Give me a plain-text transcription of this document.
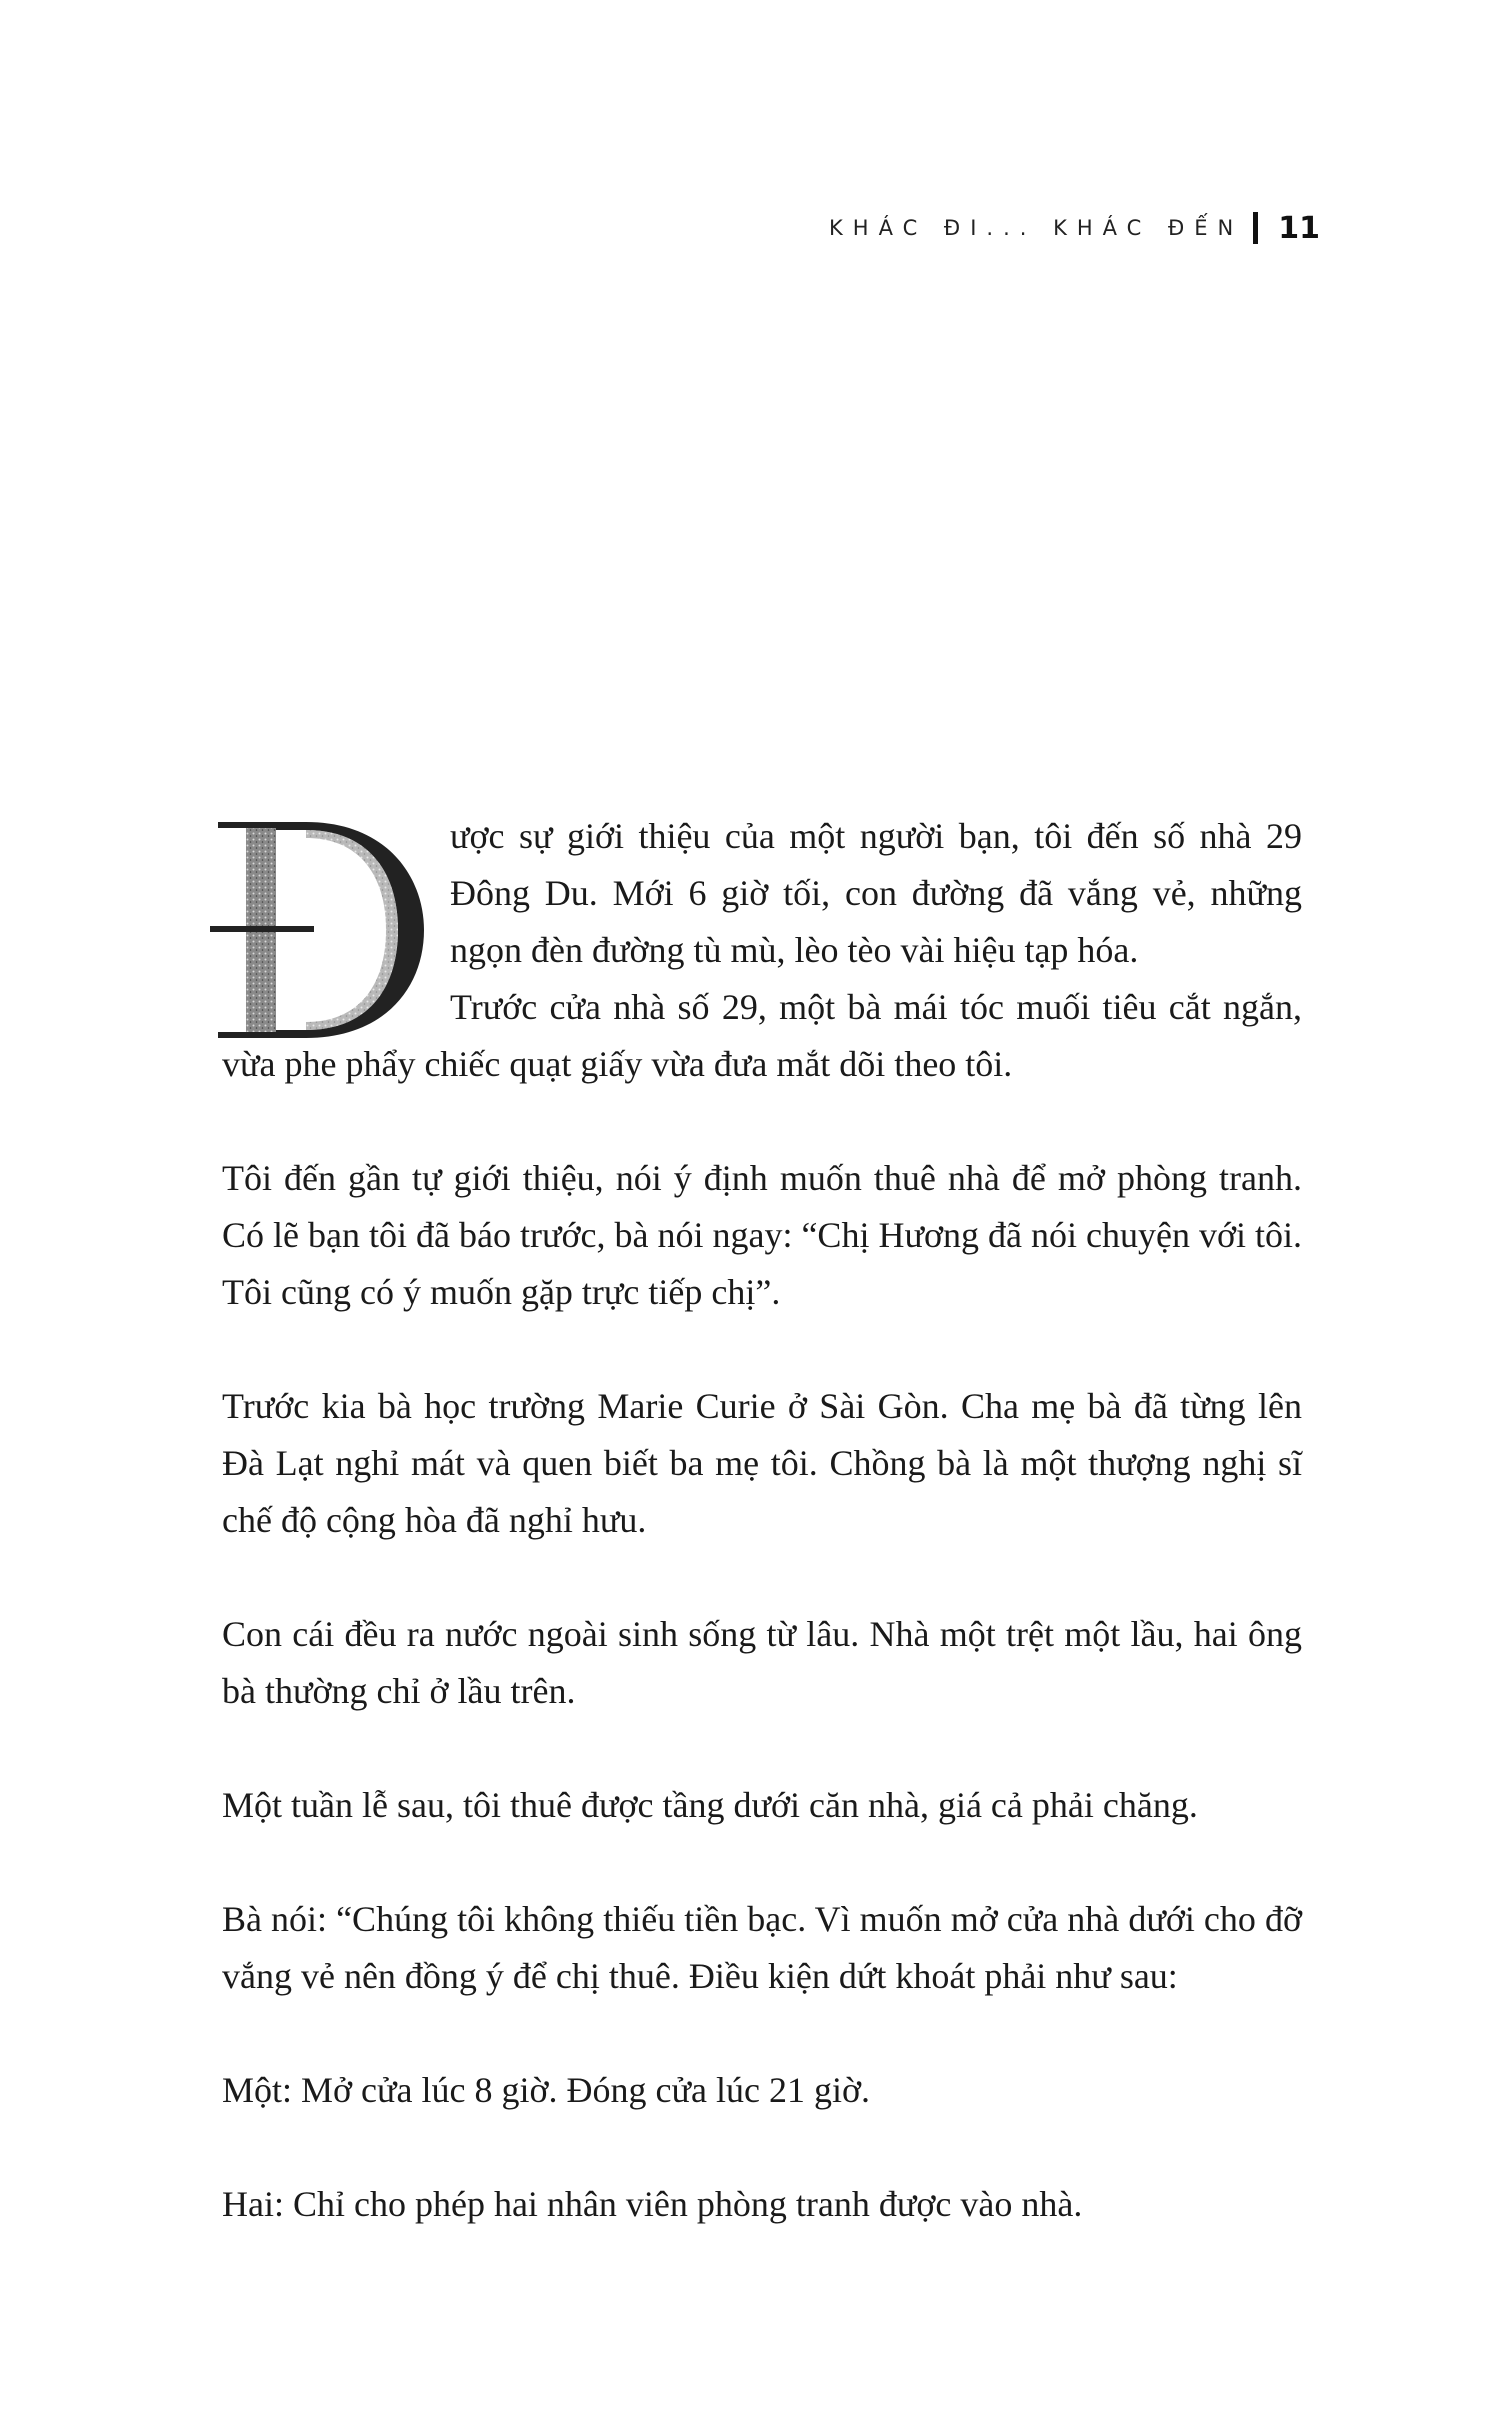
KHÁC ĐI... KHÁC ĐẾN 11
Đ

ược sự giới thiệu của một người bạn, tôi đến số nhà 29 Đông Du. Mới 6 giờ tối, con đường đã vắng vẻ, những ngọn đèn đường tù mù, lèo tèo vài hiệu tạp hóa.

Trước cửa nhà số 29, một bà mái tóc muối tiêu cắt ngắn, vừa phe phẩy chiếc quạt giấy vừa đưa mắt dõi theo tôi.

Tôi đến gần tự giới thiệu, nói ý định muốn thuê nhà để mở phòng tranh. Có lẽ bạn tôi đã báo trước, bà nói ngay: “Chị Hương đã nói chuyện với tôi. Tôi cũng có ý muốn gặp trực tiếp chị”.

Trước kia bà học trường Marie Curie ở Sài Gòn. Cha mẹ bà đã từng lên Đà Lạt nghỉ mát và quen biết ba mẹ tôi. Chồng bà là một thượng nghị sĩ chế độ cộng hòa đã nghỉ hưu.

Con cái đều ra nước ngoài sinh sống từ lâu. Nhà một trệt một lầu, hai ông bà thường chỉ ở lầu trên.

Một tuần lễ sau, tôi thuê được tầng dưới căn nhà, giá cả phải chăng.

Bà nói: “Chúng tôi không thiếu tiền bạc. Vì muốn mở cửa nhà dưới cho đỡ vắng vẻ nên đồng ý để chị thuê. Điều kiện dứt khoát phải như sau:

Một: Mở cửa lúc 8 giờ. Đóng cửa lúc 21 giờ.

Hai: Chỉ cho phép hai nhân viên phòng tranh được vào nhà.
